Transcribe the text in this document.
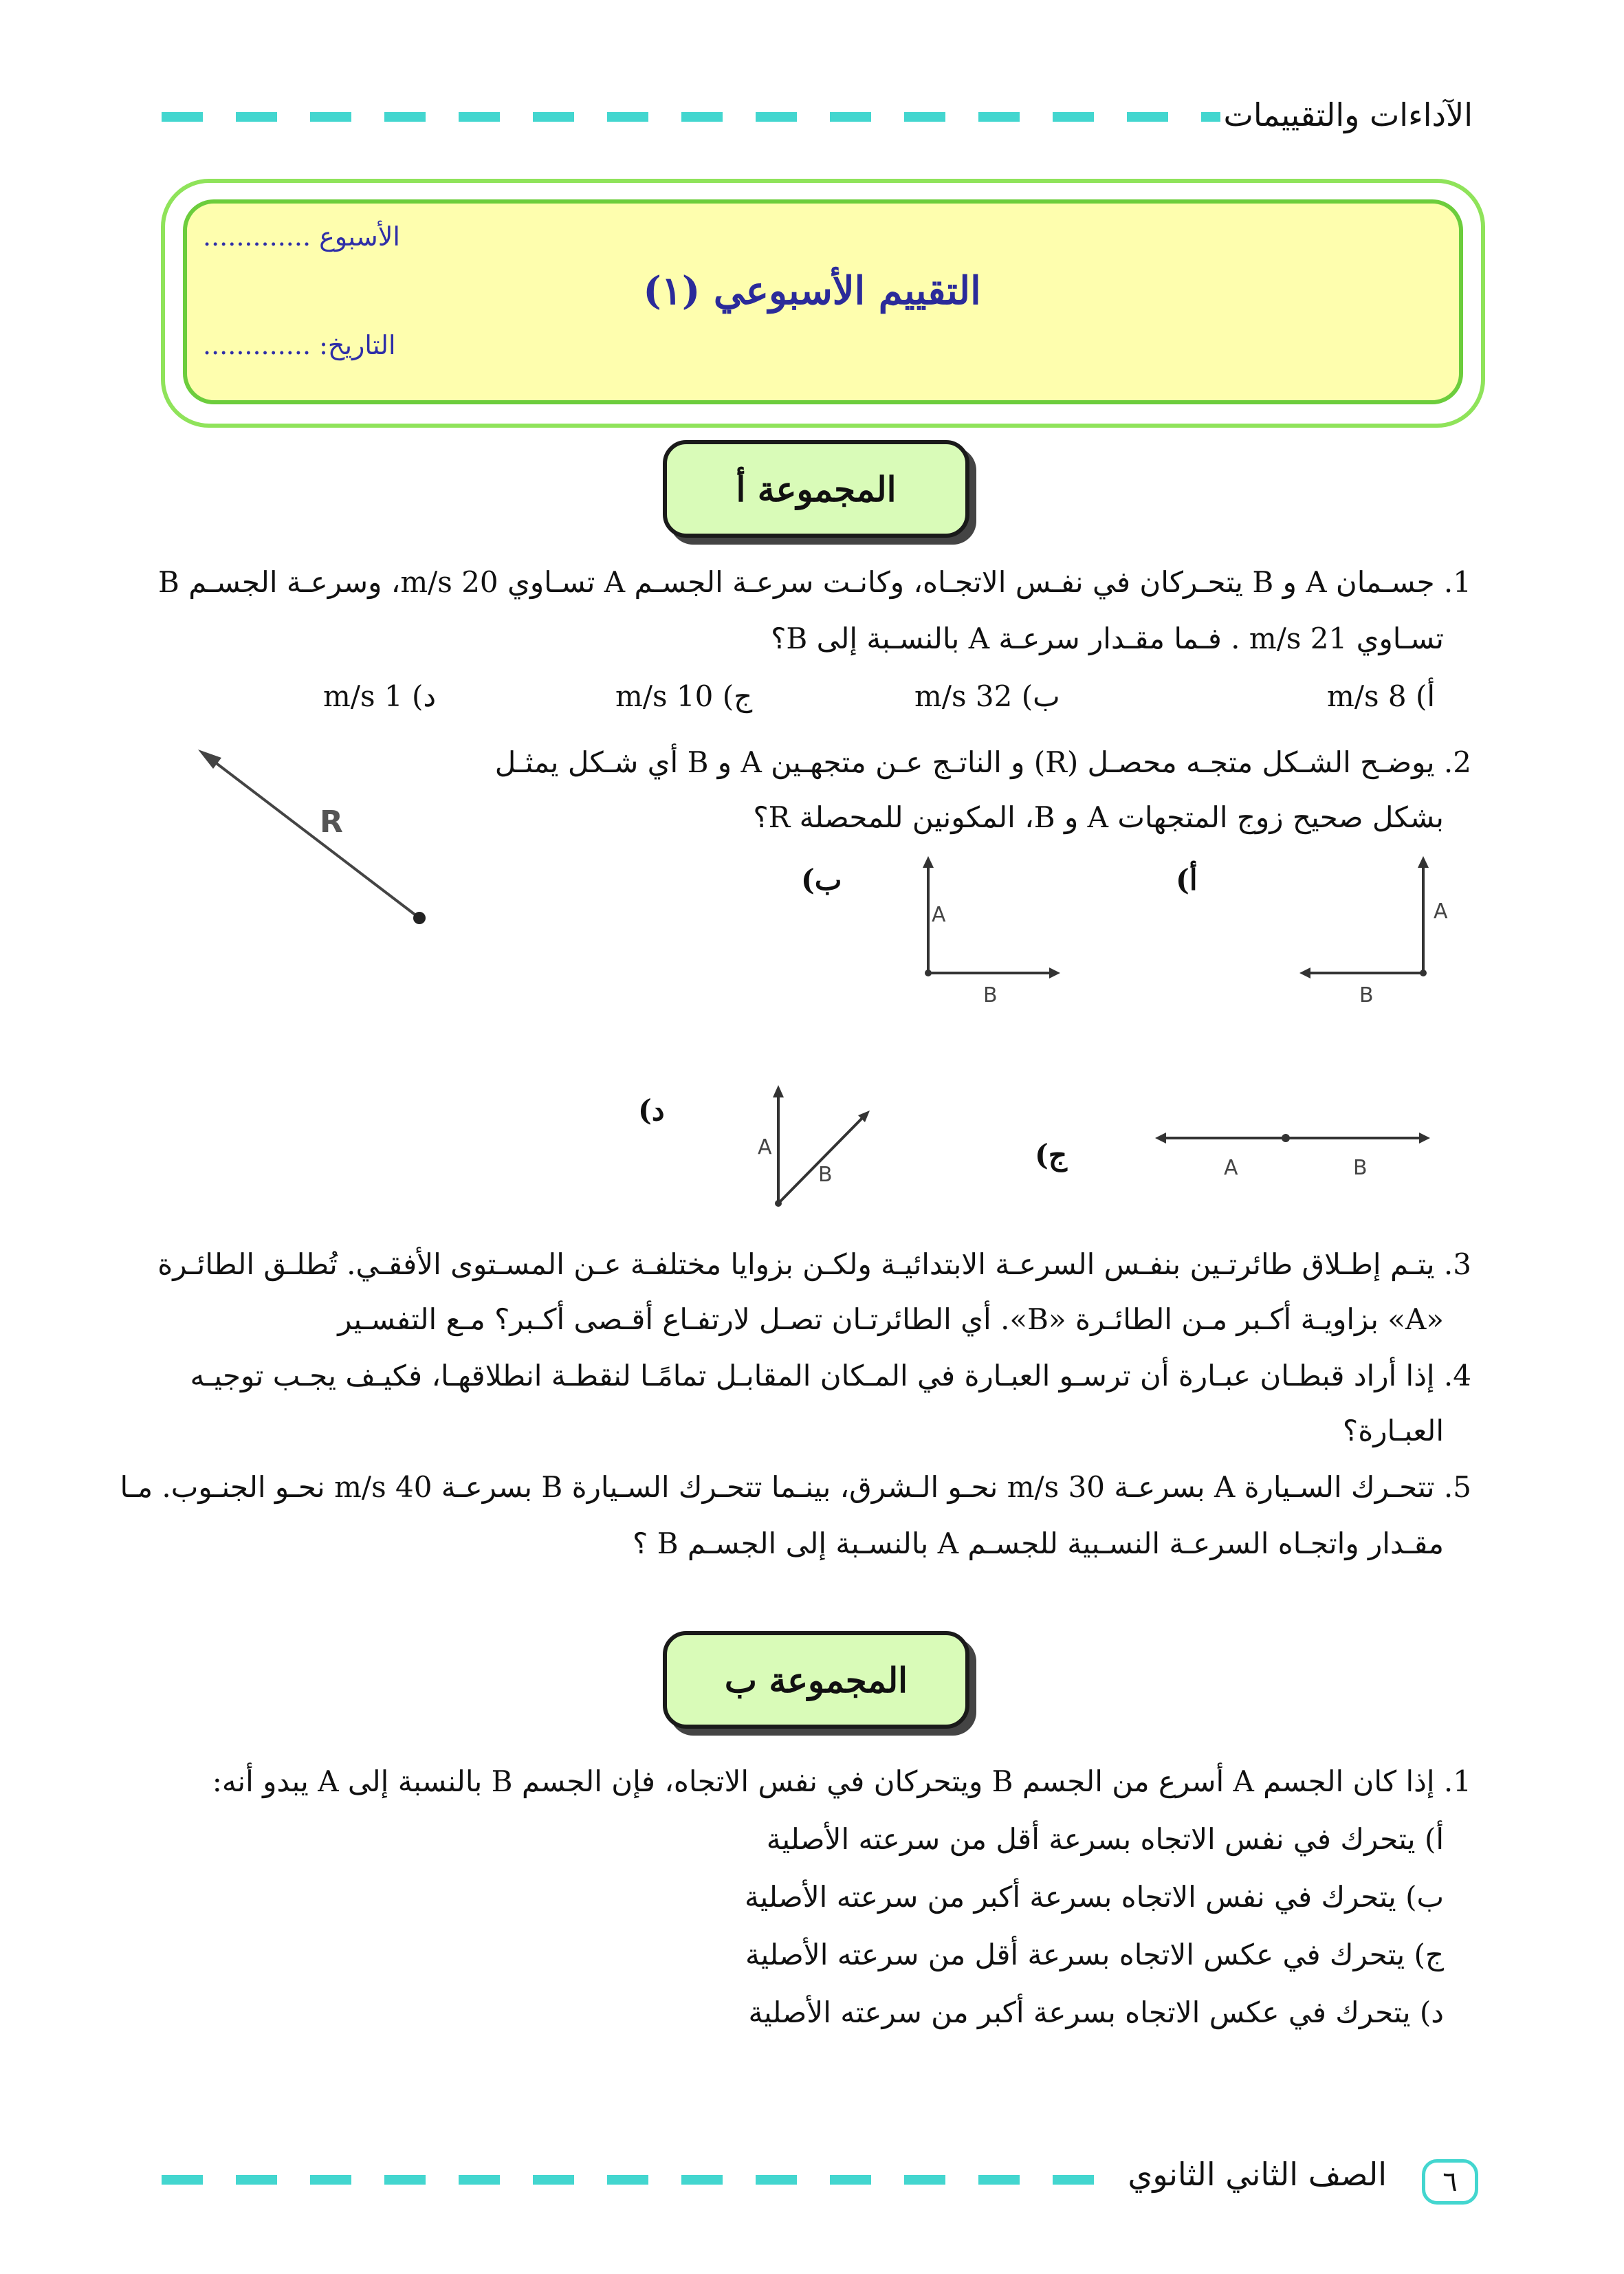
الآداءات والتقييمات
الأسبوع .............
التقييم الأسبوعي (١)
التاريخ: .............
المجموعة أ
1. جسـمان A و B يتحـركان في نفـس الاتجـاه، وكانـت سرعـة الجسـم A تسـاوي 20 m/s، وسرعـة الجسـم B
تسـاوي 21 m/s . فـما مقـدار سرعـة A بالنسـبة إلى B؟
أ) 8 m/s
ب) 32 m/s
ج) 10 m/s
د) 1 m/s
2. يوضـح الشـكل متجـه محصـل (R) و الناتـج عـن متجهـين A و B أي شـكل يمثـل
بشكل صحيح زوج المتجهات A و B، المكونين للمحصلة R؟
R
أ)
A
B
ب)
A
B
ج)	A	B
د)
A
B
3. يتـم إطـلاق طائرتـين بنفـس السرعـة الابتدائيـة ولكـن بزوايا مختلفـة عـن المسـتوى الأفقـي. تُطلـق الطائـرة
«A» بزاويـة أكـبر مـن الطائـرة «B». أي الطائرتـان تصـل لارتفـاع أقـصى أكـبر؟ مـع التفسـير
4. إذا أراد قبطـان عبـارة أن ترسـو العبـارة في المـكان المقابـل تمامًـا لنقطـة انطلاقهـا، فكيـف يجـب توجيـه
العبـارة؟
5. تتحـرك السـيارة A بسرعـة 30 m/s نحـو الـشرق، بينـما تتحـرك السـيارة B بسرعـة 40 m/s نحـو الجنـوب. مـا
مقـدار واتجـاه السرعـة النسـبية للجسـم A بالنسـبة إلى الجسـم B ؟
المجموعة ب
1. إذا كان الجسم A أسرع من الجسم B ويتحركان في نفس الاتجاه، فإن الجسم B بالنسبة إلى A يبدو أنه:
أ) يتحرك في نفس الاتجاه بسرعة أقل من سرعته الأصلية
ب) يتحرك في نفس الاتجاه بسرعة أكبر من سرعته الأصلية
ج) يتحرك في عكس الاتجاه بسرعة أقل من سرعته الأصلية
د) يتحرك في عكس الاتجاه بسرعة أكبر من سرعته الأصلية
الصف الثاني الثانوي	٦
